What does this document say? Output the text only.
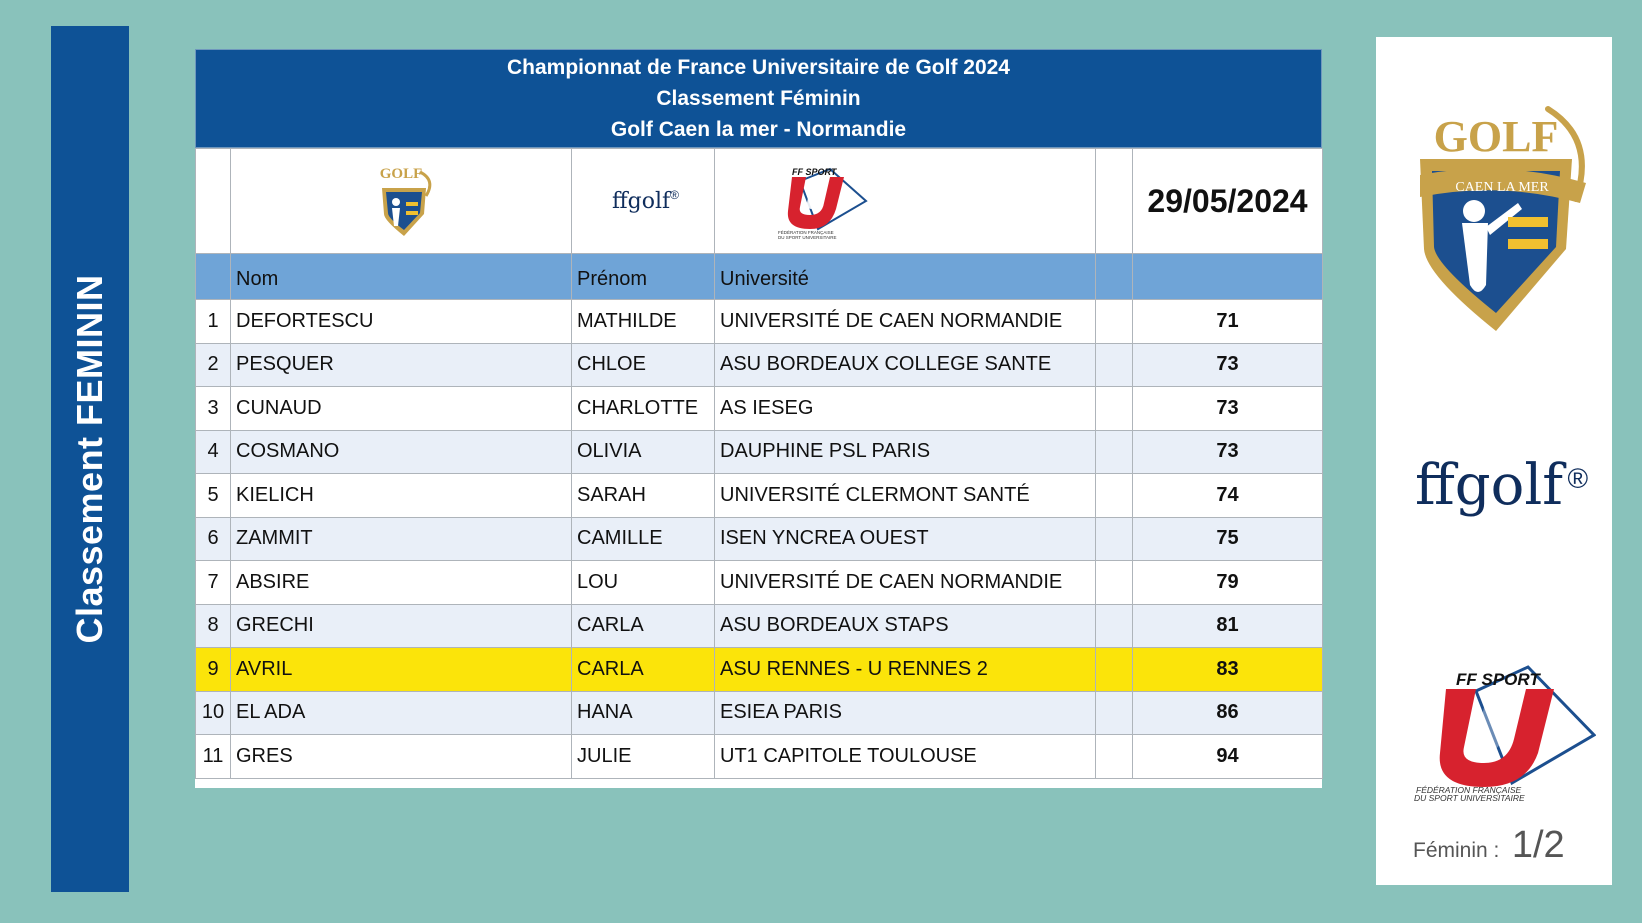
Classement FEMININ
Championnat de France Universitaire de Golf 2024
Classement Féminin
Golf Caen la mer - Normandie

GOLF
CAEN LA MER	ffgolf®	FF SPORT
FÉDÉRATION FRANÇAISE
DU SPORT UNIVERSITAIRE		29/05/2024
	Nom	Prénom	Université		
1	DEFORTESCU	MATHILDE	UNIVERSITÉ DE CAEN NORMANDIE		71
2	PESQUER	CHLOE	ASU BORDEAUX COLLEGE SANTE		73
3	CUNAUD	CHARLOTTE	AS IESEG		73
4	COSMANO	OLIVIA	DAUPHINE PSL PARIS		73
5	KIELICH	SARAH	UNIVERSITÉ CLERMONT SANTÉ		74
6	ZAMMIT	CAMILLE	ISEN YNCREA OUEST		75
7	ABSIRE	LOU	UNIVERSITÉ DE CAEN NORMANDIE		79
8	GRECHI	CARLA	ASU BORDEAUX STAPS		81
9	AVRIL	CARLA	ASU RENNES - U RENNES 2		83
10	EL ADA	HANA	ESIEA PARIS		86
11	GRES	JULIE	UT1 CAPITOLE TOULOUSE		94
GOLF
CAEN LA MER
ffgolf ®
FF SPORT
FÉDÉRATION FRANÇAISE
DU SPORT UNIVERSITAIRE
Féminin : 1/2
